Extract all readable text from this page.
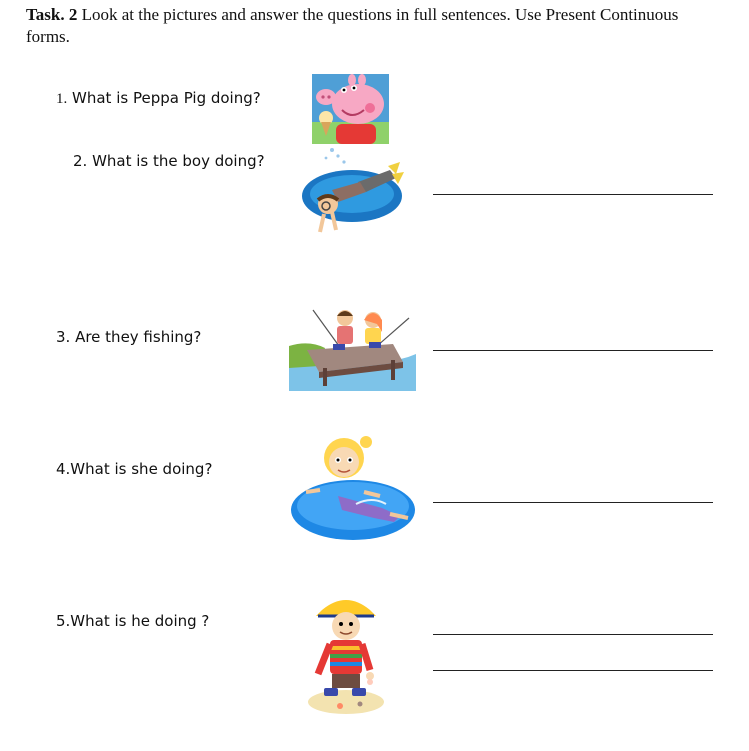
Task. 2 Look at the pictures and answer the questions in full sentences. Use Present Continuous forms.
1. What is Peppa Pig doing?
2. What is the boy doing?
3. Are they fishing?
4.What is she doing?
5.What is he doing ?
